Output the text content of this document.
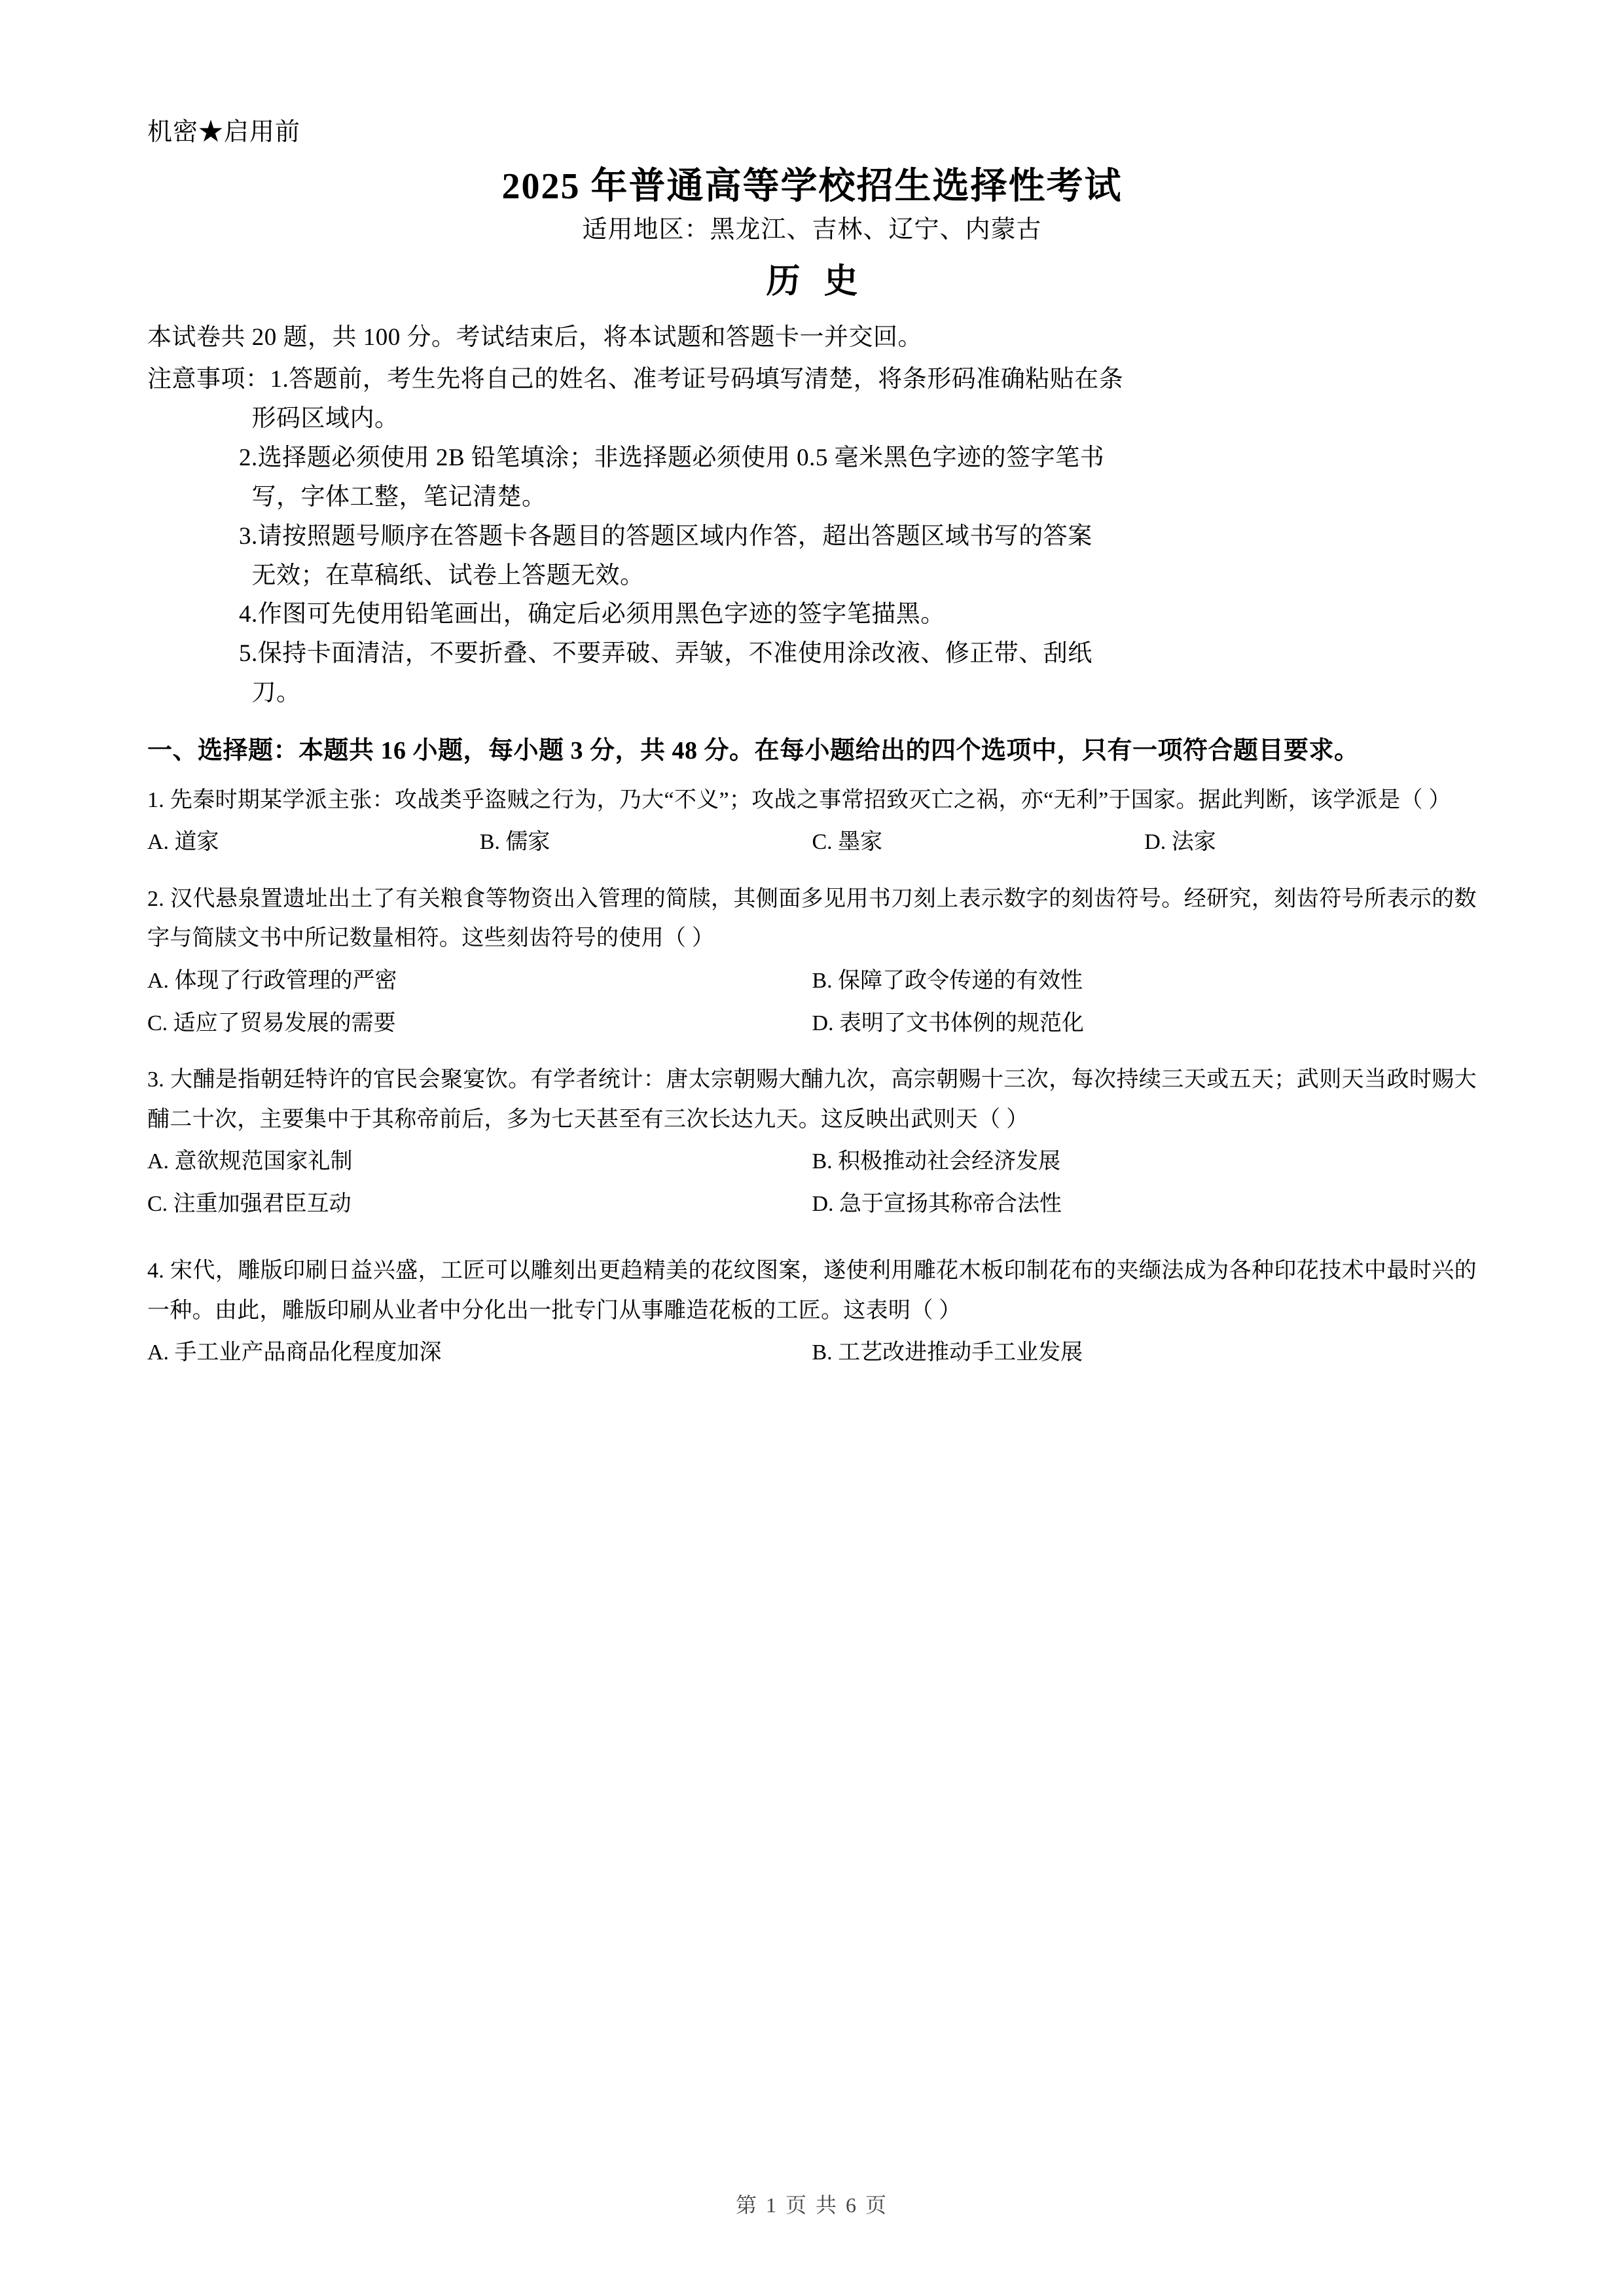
机密★启用前
2025 年普通高等学校招生选择性考试
适用地区：黑龙江、吉林、辽宁、内蒙古
历史
本试卷共 20 题，共 100 分。考试结束后，将本试题和答题卡一并交回。
注意事项： 1. 答题前，考生先将自己的姓名、准考证号码填写清楚，将条形码准确粘贴在条

形码区域内。
2. 选择题必须使用 2B 铅笔填涂；非选择题必须使用 0.5 毫米黑色字迹的签字笔书

写，字体工整，笔记清楚。
3. 请按照题号顺序在答题卡各题目的答题区域内作答，超出答题区域书写的答案

无效；在草稿纸、试卷上答题无效。
4. 作图可先使用铅笔画出，确定后必须用黑色字迹的签字笔描黑。
5. 保持卡面清洁，不要折叠、不要弄破、弄皱，不准使用涂改液、修正带、刮纸

刀。
一、选择题：本题共 16 小题，每小题 3 分，共 48 分。在每小题给出的四个选项中，只有一项符合题目要求。
1. 先秦时期某学派主张：攻战类乎盗贼之行为，乃大“不义”；攻战之事常招致灭亡之祸，亦“无利”于国家。据此判断，该学派是（ ）
A. 道家	B. 儒家	C. 墨家	D. 法家
2. 汉代悬泉置遗址出土了有关粮食等物资出入管理的简牍，其侧面多见用书刀刻上表示数字的刻齿符号。经研究，刻齿符号所表示的数字与简牍文书中所记数量相符。这些刻齿符号的使用（ ）
A. 体现了行政管理的严密	B. 保障了政令传递的有效性
C. 适应了贸易发展的需要	D. 表明了文书体例的规范化
3. 大酺是指朝廷特许的官民会聚宴饮。有学者统计：唐太宗朝赐大酺九次，高宗朝赐十三次，每次持续三天或五天；武则天当政时赐大酺二十次，主要集中于其称帝前后，多为七天甚至有三次长达九天。这反映出武则天（ ）
A. 意欲规范国家礼制	B. 积极推动社会经济发展
C. 注重加强君臣互动	D. 急于宣扬其称帝合法性
4. 宋代，雕版印刷日益兴盛，工匠可以雕刻出更趋精美的花纹图案，遂使利用雕花木板印制花布的夹缬法成为各种印花技术中最时兴的一种。由此，雕版印刷从业者中分化出一批专门从事雕造花板的工匠。这表明（ ）
A. 手工业产品商品化程度加深	B. 工艺改进推动手工业发展
第 1 页 共 6 页
